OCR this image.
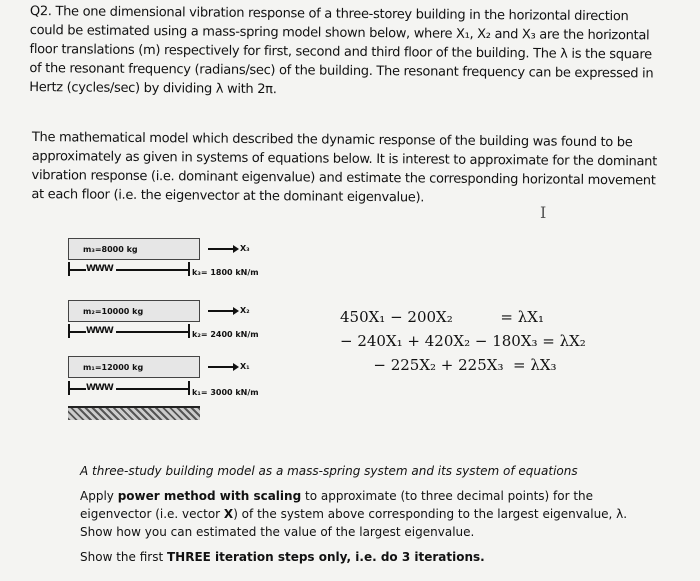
Q2. The one dimensional vibration response of a three-storey building in the horizontal direction

could be estimated using a mass-spring model shown below, where X₁, X₂ and X₃ are the horizontal

floor translations (m) respectively for first, second and third floor of the building. The λ is the square

of the resonant frequency (radians/sec) of the building. The resonant frequency can be expressed in

Hertz (cycles/sec) by dividing λ with 2π.

The mathematical model which described the dynamic response of the building was found to be

approximately as given in systems of equations below. It is interest to approximate for the dominant

vibration response (i.e. dominant eigenvalue) and estimate the corresponding horizontal movement

at each floor (i.e. the eigenvector at the dominant eigenvalue).

I
m₃=8000 kg	X₃
WWW	k₃= 1800 kN/m
m₂=10000 kg	X₂
WWW	k₂= 2400 kN/m
m₁=12000 kg	X₁
WWW	k₁= 3000 kN/m
450X₁ − 200X₂          = λX₁
− 240X₁ + 420X₂ − 180X₃ = λX₂
− 225X₂ + 225X₃  = λX₃

A three-study building model as a mass-spring system and its system of equations

Apply power method with scaling to approximate (to three decimal points) for the eigenvector (i.e. vector X) of the system above corresponding to the largest eigenvalue, λ. Show how you can estimated the value of the largest eigenvalue.

Show the first THREE iteration steps only, i.e. do 3 iterations.
